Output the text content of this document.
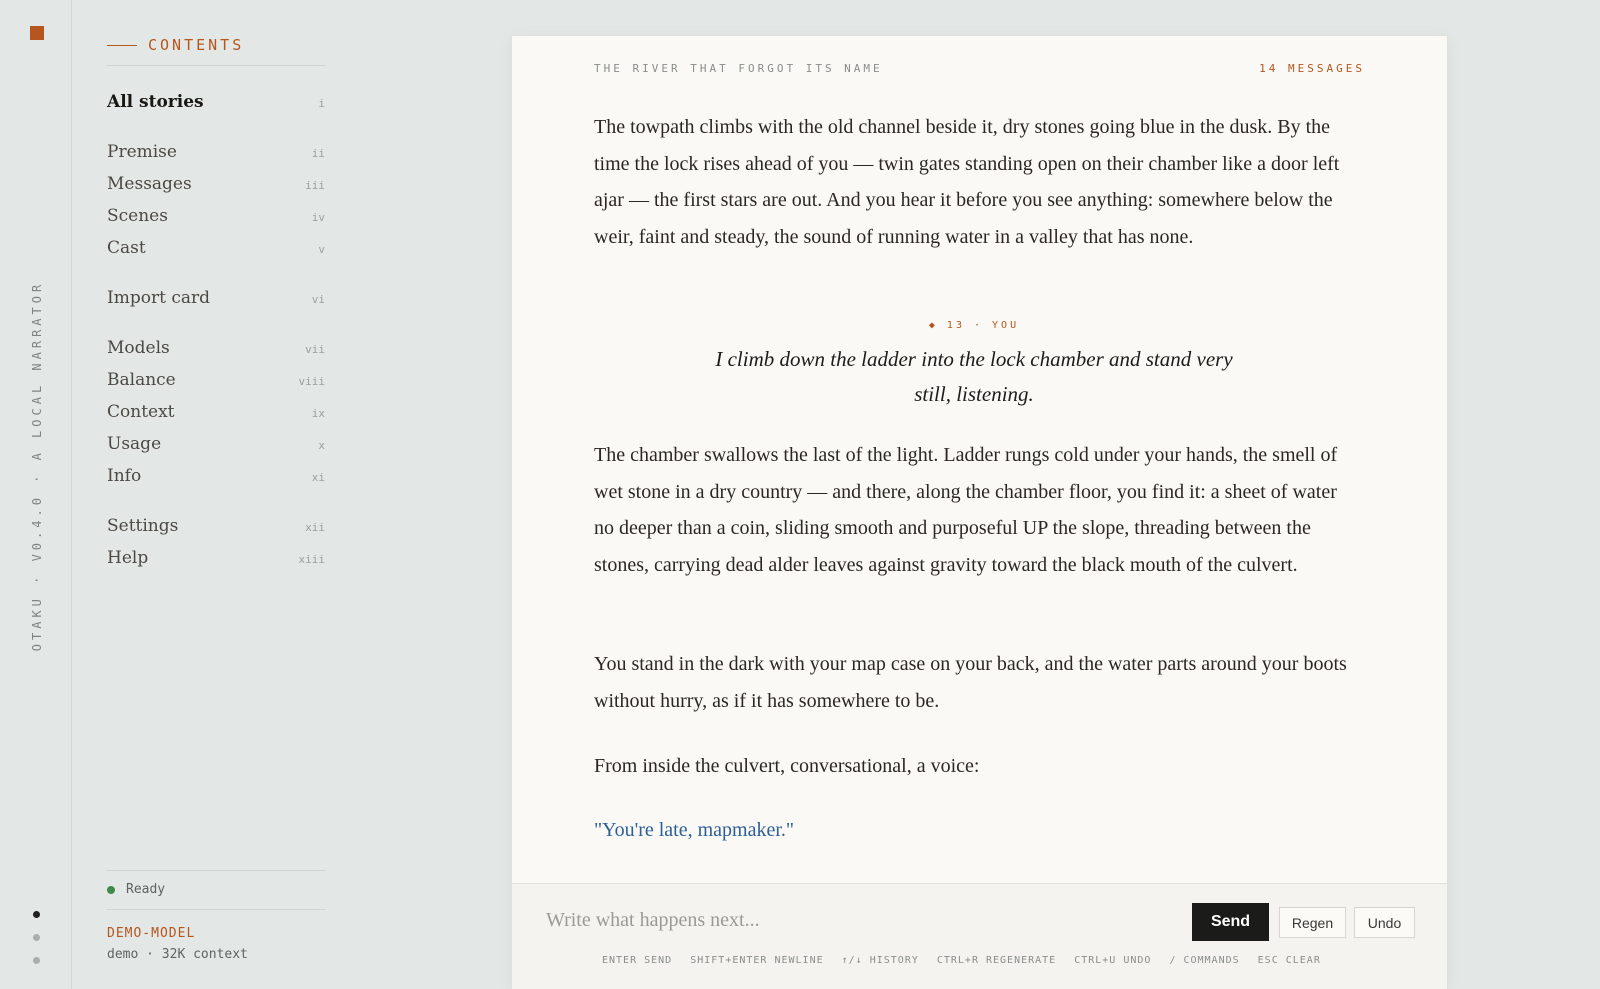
OTAKU · V0.4.0 · A LOCAL NARRATOR
CONTENTS
All stories	i
Premise	ii
Messages	iii
Scenes	iv
Cast	v
Import card	vi
Models	vii
Balance	viii
Context	ix
Usage	x
Info	xi
Settings	xii
Help	xiii
Ready
DEMO-MODEL
demo · 32K context
THE RIVER THAT FORGOT ITS NAME	14 MESSAGES

The towpath climbs with the old channel beside it, dry stones going blue in the dusk. By the time the lock rises ahead of you — twin gates standing open on their chamber like a door left ajar — the first stars are out. And you hear it before you see anything: somewhere below the weir, faint and steady, the sound of running water in a valley that has none.

◆ 13 · YOU

I climb down the ladder into the lock chamber and stand very still, listening.

The chamber swallows the last of the light. Ladder rungs cold under your hands, the smell of wet stone in a dry country — and there, along the chamber floor, you find it: a sheet of water no deeper than a coin, sliding smooth and purposeful UP the slope, threading between the stones, carrying dead alder leaves against gravity toward the black mouth of the culvert.

You stand in the dark with your map case on your back, and the water parts around your boots without hurry, as if it has somewhere to be.

From inside the culvert, conversational, a voice:

"You're late, mapmaker."

Write what happens next...
Send	Regen	Undo
ENTER SEND SHIFT+ENTER NEWLINE ↑/↓ HISTORY CTRL+R REGENERATE CTRL+U UNDO / COMMANDS ESC CLEAR
